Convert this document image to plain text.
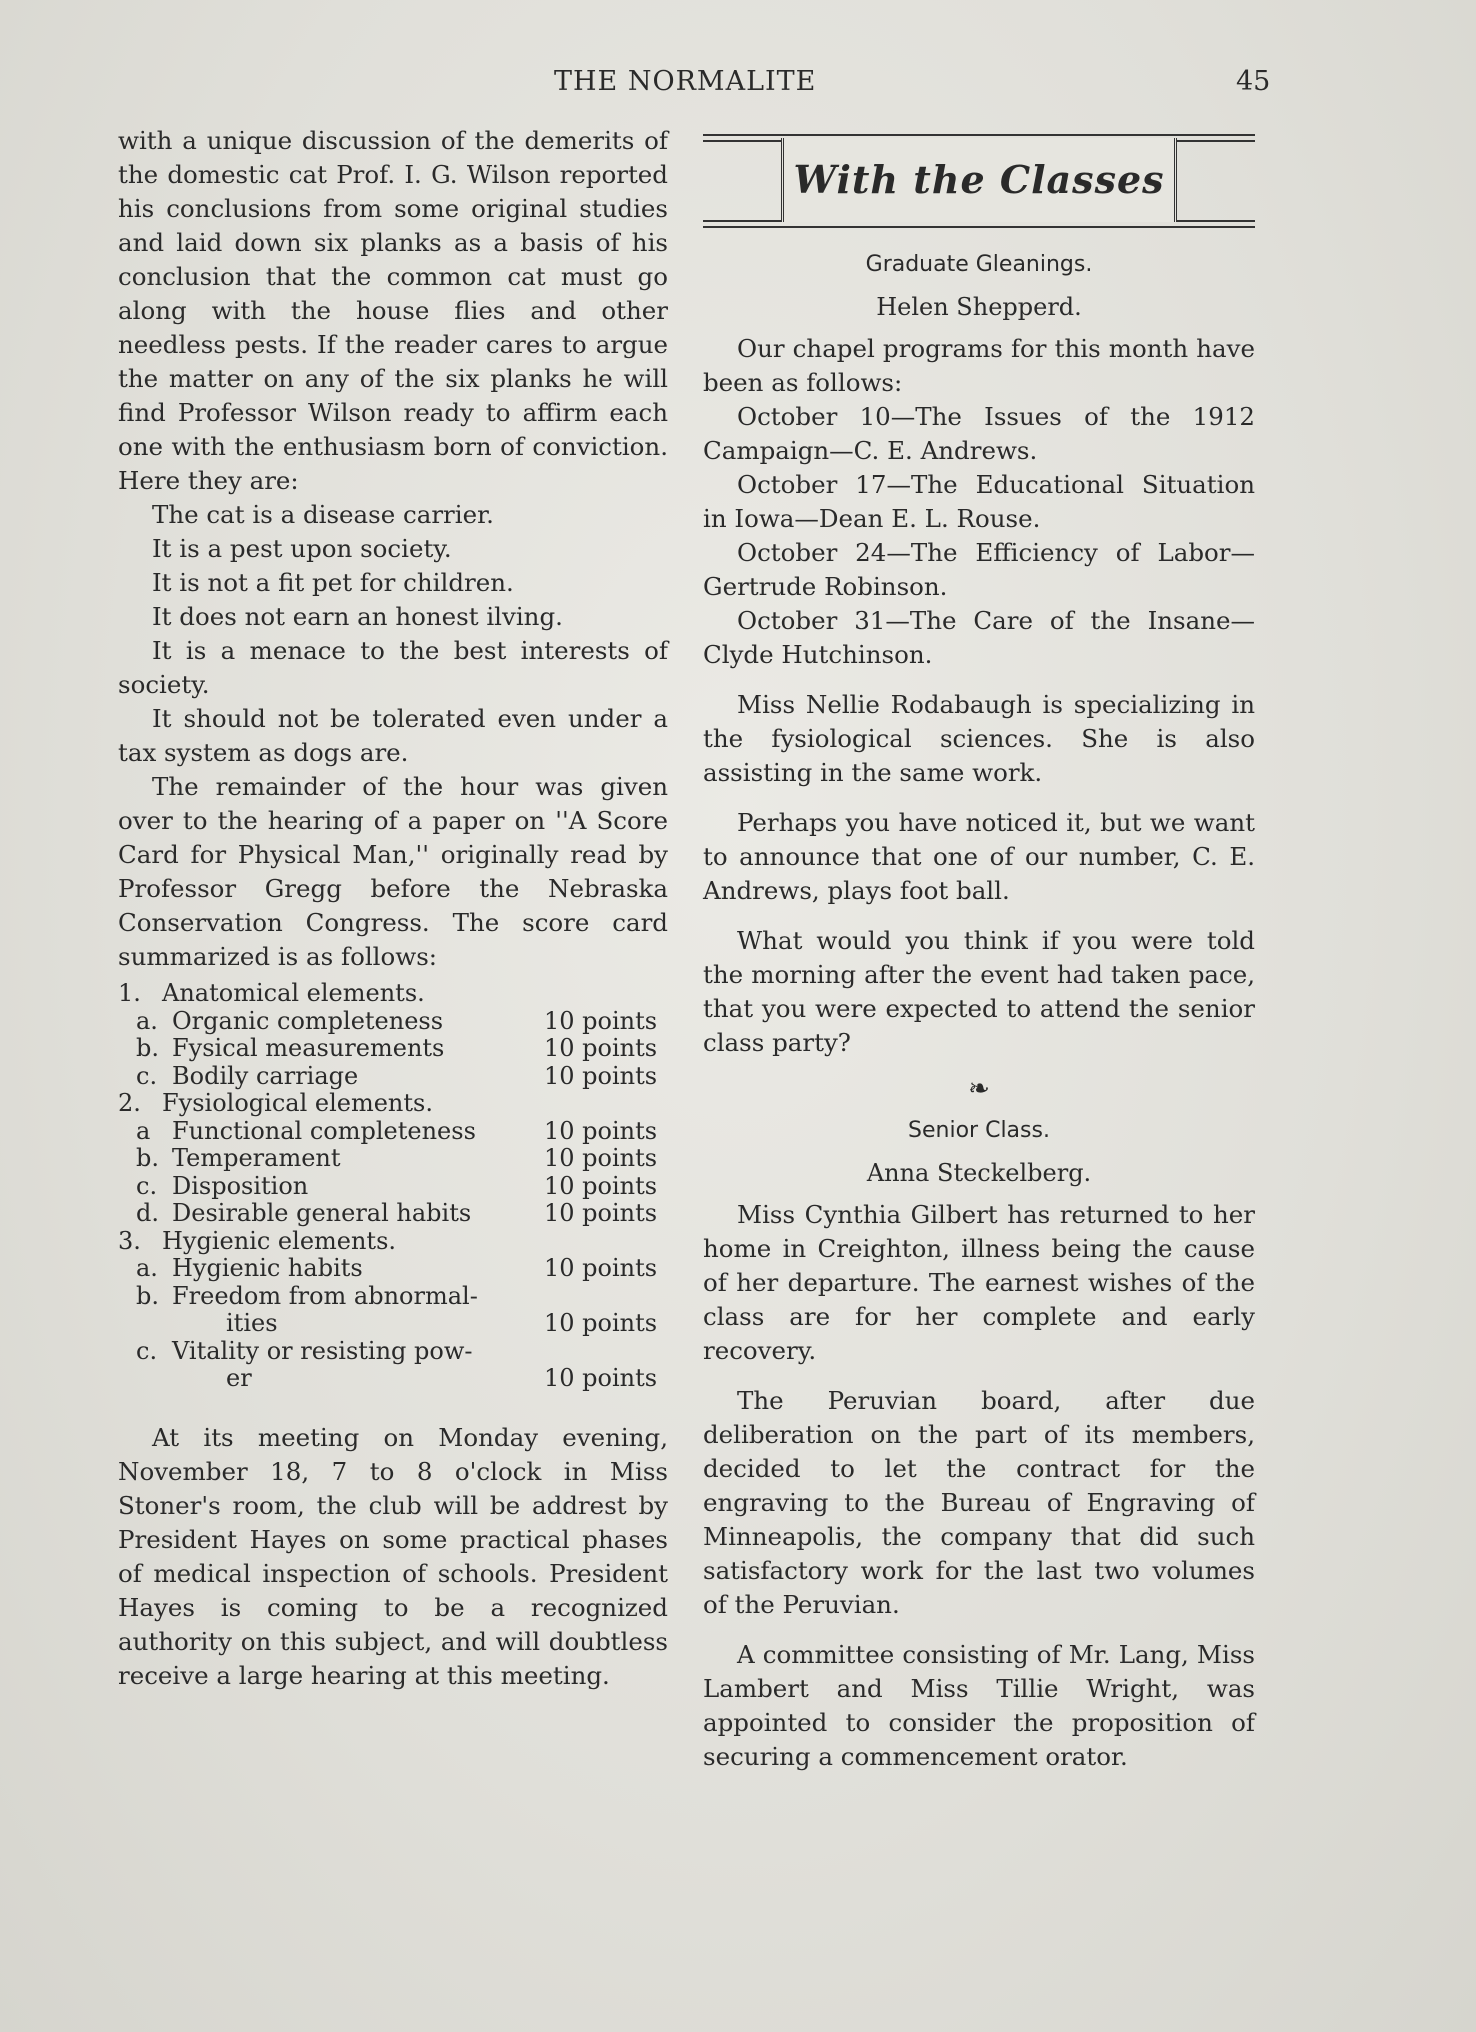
THE NORMALITE	45

with a unique discussion of the demerits of the domestic cat Prof. I. G. Wilson reported his conclusions from some original studies and laid down six planks as a basis of his conclusion that the common cat must go along with the house flies and other needless pests. If the reader cares to argue the matter on any of the six planks he will find Professor Wilson ready to affirm each one with the enthusiasm born of conviction. Here they are:

The cat is a disease carrier.

It is a pest upon society.

It is not a fit pet for children.

It does not earn an honest ilving.

It is a menace to the best interests of society.

It should not be tolerated even under a tax system as dogs are.

The remainder of the hour was given over to the hearing of a paper on ''A Score Card for Physical Man,'' originally read by Professor Gregg before the Nebraska Conservation Congress. The score card summarized is as follows:

1. Anatomical elements.
a. Organic completeness	10 points
b. Fysical measurements	10 points
c. Bodily carriage	10 points
2. Fysiological elements.
a Functional completeness	10 points
b. Temperament	10 points
c. Disposition	10 points
d. Desirable general habits	10 points
3. Hygienic elements.
a. Hygienic habits	10 points
b. Freedom from abnormal-
ities	10 points
c. Vitality or resisting pow-
er	10 points

At its meeting on Monday evening, November 18, 7 to 8 o'clock in Miss Stoner's room, the club will be addrest by President Hayes on some practical phases of medical inspection of schools. President Hayes is coming to be a recognized authority on this subject, and will doubtless receive a large hearing at this meeting.

With the Classes
Graduate Gleanings.
Helen Shepperd.

Our chapel programs for this month have been as follows:

October 10—The Issues of the 1912 Campaign—C. E. Andrews.

October 17—The Educational Situation in Iowa—Dean E. L. Rouse.

October 24—The Efficiency of Labor—Gertrude Robinson.

October 31—The Care of the Insane—Clyde Hutchinson.

Miss Nellie Rodabaugh is specializing in the fysiological sciences. She is also assisting in the same work.

Perhaps you have noticed it, but we want to announce that one of our number, C. E. Andrews, plays foot ball.

What would you think if you were told the morning after the event had taken pace, that you were expected to attend the senior class party?

❧
Senior Class.
Anna Steckelberg.

Miss Cynthia Gilbert has returned to her home in Creighton, illness being the cause of her departure. The earnest wishes of the class are for her complete and early recovery.

The Peruvian board, after due deliberation on the part of its members, decided to let the contract for the engraving to the Bureau of Engraving of Minneapolis, the company that did such satisfactory work for the last two volumes of the Peruvian.

A committee consisting of Mr. Lang, Miss Lambert and Miss Tillie Wright, was appointed to consider the proposition of securing a commencement orator.
